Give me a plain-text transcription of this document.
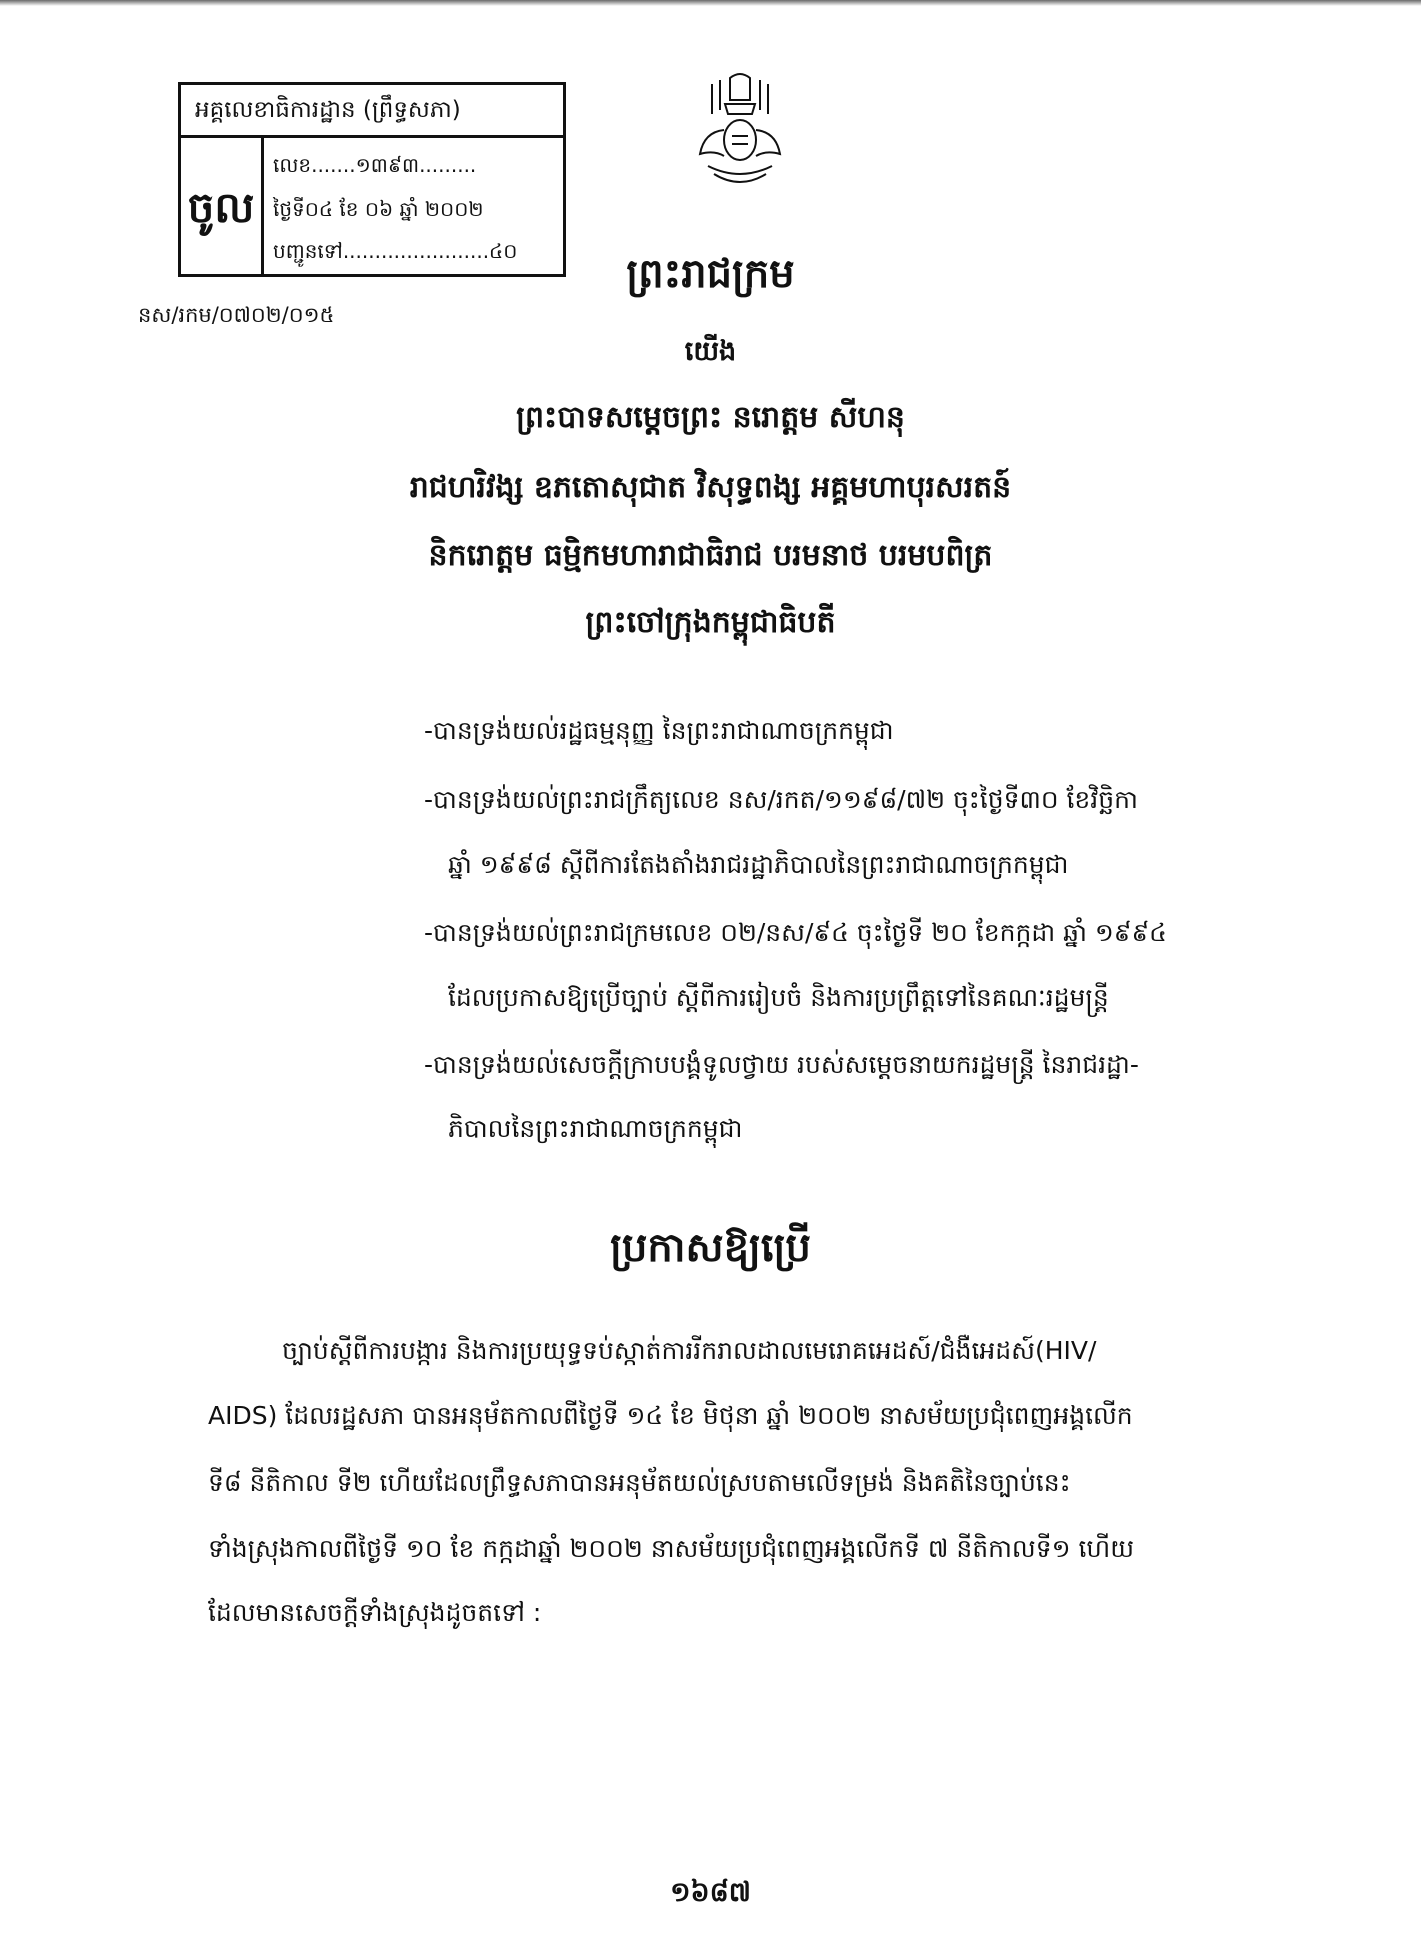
អគ្គលេខាធិការដ្ឋាន (ព្រឹទ្ធសភា)
ចូល
លេខ.......១៣៩៣.........
ថ្ងៃទី០៤ ខែ ០៦ ឆ្នាំ ២០០២
បញ្ជូនទៅ.......................៤០
នស/រកម/០៧០២/០១៥
ព្រះរាជក្រម
យើង
ព្រះបាទសម្ដេចព្រះ នរោត្តម សីហនុ
រាជហរិវង្ស ឧភតោសុជាត វិសុទ្ធពង្ស អគ្គមហាបុរសរតន៍
និករោត្តម ធម្មិកមហារាជាធិរាជ បរមនាថ បរមបពិត្រ
ព្រះចៅក្រុងកម្ពុជាធិបតី
-បានទ្រង់យល់រដ្ឋធម្មនុញ្ញ នៃព្រះរាជាណាចក្រកម្ពុជា
-បានទ្រង់យល់ព្រះរាជក្រឹត្យលេខ នស/រកត/១១៩៨/៧២ ចុះថ្ងៃទី៣០ ខែវិច្ឆិកា
ឆ្នាំ ១៩៩៨ ស្ដីពីការតែងតាំងរាជរដ្ឋាភិបាលនៃព្រះរាជាណាចក្រកម្ពុជា
-បានទ្រង់យល់ព្រះរាជក្រមលេខ ០២/នស/៩៤ ចុះថ្ងៃទី ២០ ខែកក្កដា ឆ្នាំ ១៩៩៤
ដែលប្រកាសឱ្យប្រើច្បាប់ ស្ដីពីការរៀបចំ និងការប្រព្រឹត្តទៅនៃគណៈរដ្ឋមន្ត្រី
-បានទ្រង់យល់សេចក្ដីក្រាបបង្គំទូលថ្វាយ របស់សម្ដេចនាយករដ្ឋមន្ត្រី នៃរាជរដ្ឋា-
ភិបាលនៃព្រះរាជាណាចក្រកម្ពុជា
ប្រកាសឱ្យប្រើ
ច្បាប់ស្ដីពីការបង្ការ និងការប្រយុទ្ធទប់ស្កាត់ការរីករាលដាលមេរោគអេដស៍/ជំងឺអេដស៍(HIV/
AIDS) ដែលរដ្ឋសភា បានអនុម័តកាលពីថ្ងៃទី ១៤ ខែ មិថុនា ឆ្នាំ ២០០២ នាសម័យប្រជុំពេញអង្គលើក
ទី៨ នីតិកាល ទី២ ហើយដែលព្រឹទ្ធសភាបានអនុម័តយល់ស្របតាមលើទម្រង់ និងគតិនៃច្បាប់នេះ
ទាំងស្រុងកាលពីថ្ងៃទី ១០ ខែ កក្កដាឆ្នាំ ២០០២ នាសម័យប្រជុំពេញអង្គលើកទី ៧ នីតិកាលទី១ ហើយ
ដែលមានសេចក្ដីទាំងស្រុងដូចតទៅ :
១៦៨៧
